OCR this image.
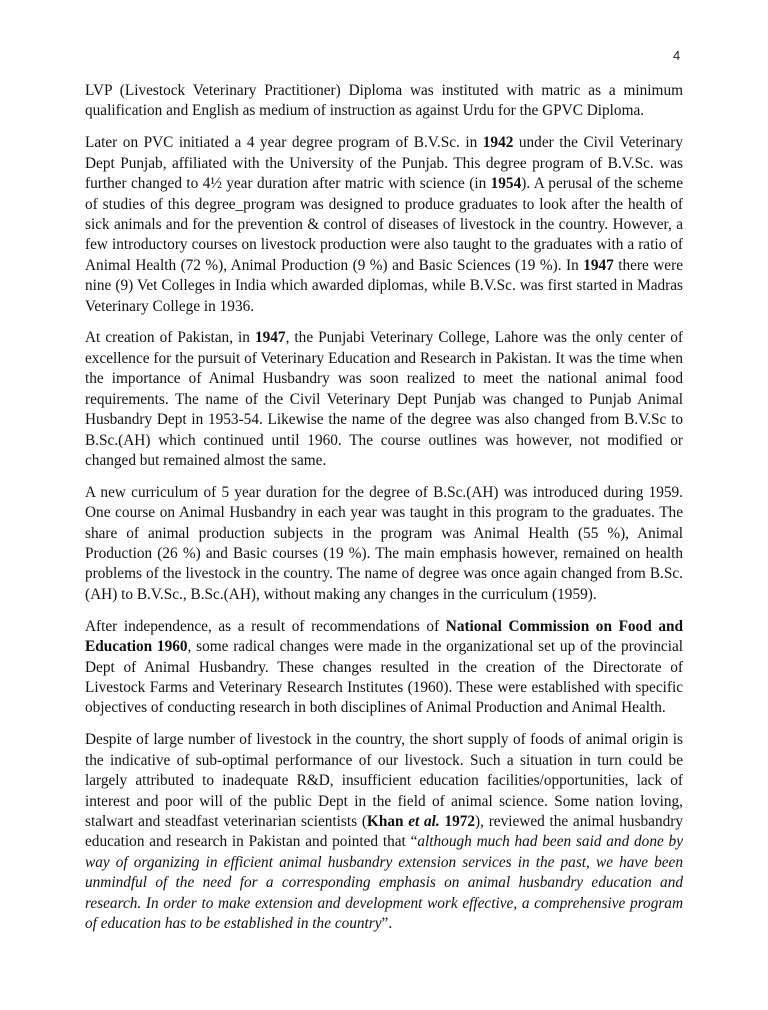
4

LVP (Livestock Veterinary Practitioner) Diploma was instituted with matric as a minimum qualification and English as medium of instruction as against Urdu for the GPVC Diploma.

Later on PVC initiated a 4 year degree program of B.V.Sc. in 1942 under the Civil Veterinary Dept Punjab, affiliated with the University of the Punjab. This degree program of B.V.Sc. was further changed to 4½ year duration after matric with science (in 1954). A perusal of the scheme of studies of this degree_program was designed to produce graduates to look after the health of sick animals and for the prevention & control of diseases of livestock in the country. However, a few introductory courses on livestock production were also taught to the graduates with a ratio of Animal Health (72 %), Animal Production (9 %) and Basic Sciences (19 %). In 1947 there were nine (9) Vet Colleges in India which awarded diplomas, while B.V.Sc. was first started in Madras Veterinary College in 1936.

At creation of Pakistan, in 1947, the Punjabi Veterinary College, Lahore was the only center of excellence for the pursuit of Veterinary Education and Research in Pakistan. It was the time when the importance of Animal Husbandry was soon realized to meet the national animal food requirements. The name of the Civil Veterinary Dept Punjab was changed to Punjab Animal Husbandry Dept in 1953-54. Likewise the name of the degree was also changed from B.V.Sc to B.Sc.(AH) which continued until 1960. The course outlines was however, not modified or changed but remained almost the same.

A new curriculum of 5 year duration for the degree of B.Sc.(AH) was introduced during 1959. One course on Animal Husbandry in each year was taught in this program to the graduates. The share of animal production subjects in the program was Animal Health (55 %), Animal Production (26 %) and Basic courses (19 %). The main emphasis however, remained on health problems of the livestock in the country. The name of degree was once again changed from B.Sc.(AH) to B.V.Sc., B.Sc.(AH), without making any changes in the curriculum (1959).

After independence, as a result of recommendations of National Commission on Food and Education 1960, some radical changes were made in the organizational set up of the provincial Dept of Animal Husbandry. These changes resulted in the creation of the Directorate of Livestock Farms and Veterinary Research Institutes (1960). These were established with specific objectives of conducting research in both disciplines of Animal Production and Animal Health.

Despite of large number of livestock in the country, the short supply of foods of animal origin is the indicative of sub-optimal performance of our livestock. Such a situation in turn could be largely attributed to inadequate R&D, insufficient education facilities/opportunities, lack of interest and poor will of the public Dept in the field of animal science. Some nation loving, stalwart and steadfast veterinarian scientists (Khan et al. 1972), reviewed the animal husbandry education and research in Pakistan and pointed that “although much had been said and done by way of organizing in efficient animal husbandry extension services in the past, we have been unmindful of the need for a corresponding emphasis on animal husbandry education and research. In order to make extension and development work effective, a comprehensive program of education has to be established in the country”.
